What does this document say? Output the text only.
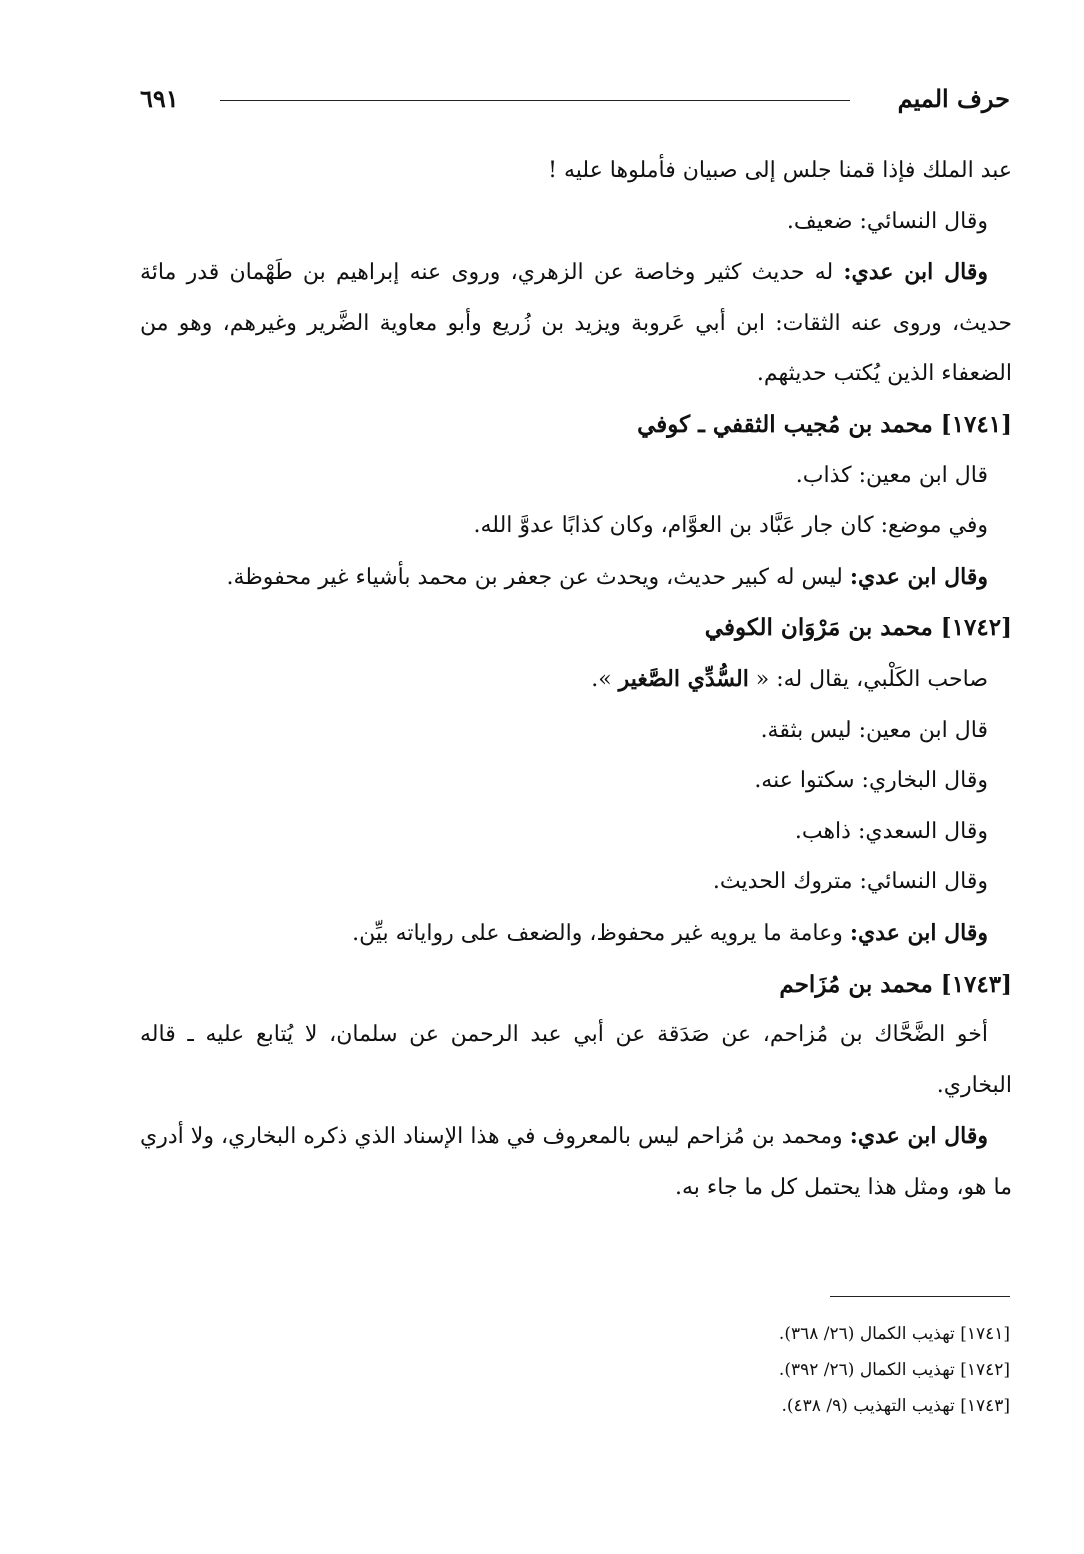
حرف الميم
٦٩١

عبد الملك فإذا قمنا جلس إلى صبيان فأملوها عليه !

وقال النسائي: ضعيف.

وقال ابن عدي: له حديث كثير وخاصة عن الزهري، وروى عنه إبراهيم بن طَهْمان قدر مائة حديث، وروى عنه الثقات: ابن أبي عَروبة ويزيد بن زُريع وأبو معاوية الضَّرير وغيرهم، وهو من الضعفاء الذين يُكتب حديثهم.

[١٧٤١] محمد بن مُجيب الثقفي ـ كوفي

قال ابن معين: كذاب.

وفي موضع: كان جار عَبَّاد بن العوَّام، وكان كذابًا عدوَّ الله.

وقال ابن عدي: ليس له كبير حديث، ويحدث عن جعفر بن محمد بأشياء غير محفوظة.

[١٧٤٢] محمد بن مَرْوَان الكوفي

صاحب الكَلْبي، يقال له: « السُّدِّي الصَّغير ».

قال ابن معين: ليس بثقة.

وقال البخاري: سكتوا عنه.

وقال السعدي: ذاهب.

وقال النسائي: متروك الحديث.

وقال ابن عدي: وعامة ما يرويه غير محفوظ، والضعف على رواياته بيِّن.

[١٧٤٣] محمد بن مُزَاحم

أخو الضَّحَّاك بن مُزاحم، عن صَدَقة عن أبي عبد الرحمن عن سلمان، لا يُتابع عليه ـ قاله البخاري.

وقال ابن عدي: ومحمد بن مُزاحم ليس بالمعروف في هذا الإسناد الذي ذكره البخاري، ولا أدري ما هو، ومثل هذا يحتمل كل ما جاء به.

[١٧٤١] تهذيب الكمال (٢٦/ ٣٦٨).

[١٧٤٢] تهذيب الكمال (٢٦/ ٣٩٢).

[١٧٤٣] تهذيب التهذيب (٩/ ٤٣٨).
